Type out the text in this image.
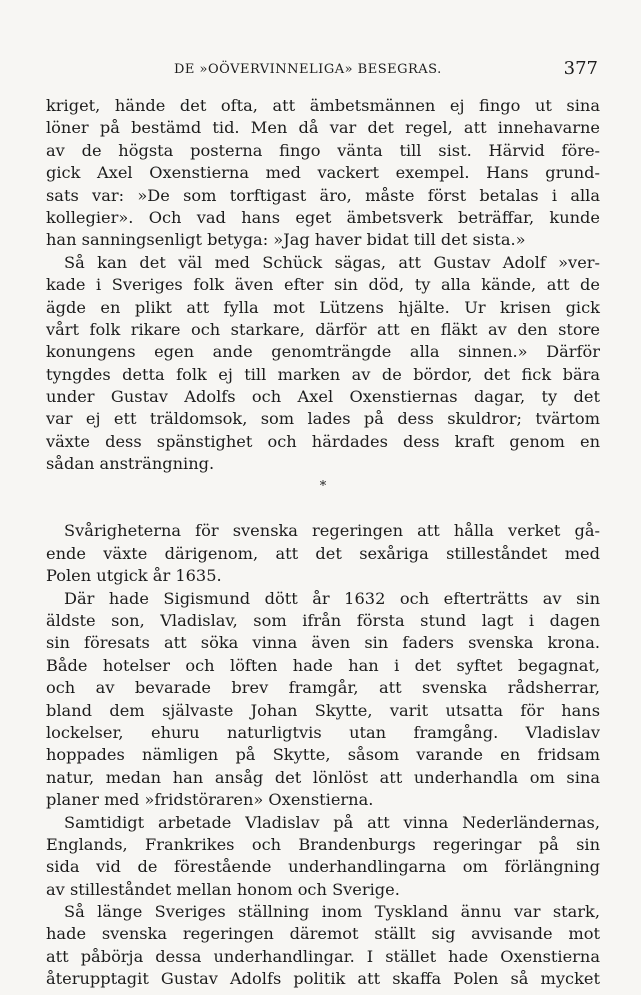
DE »OÖVERVINNELIGA» BESEGRAS.	377
kriget, hände det ofta, att ämbetsmännen ej fingo ut sina
löner på bestämd tid. Men då var det regel, att innehavarne
av de högsta posterna fingo vänta till sist. Härvid före-
gick Axel Oxenstierna med vackert exempel. Hans grund-
sats var: »De som torftigast äro, måste först betalas i alla
kollegier». Och vad hans eget ämbetsverk beträffar, kunde
han sanningsenligt betyga: »Jag haver bidat till det sista.»
Så kan det väl med Schück sägas, att Gustav Adolf »ver-
kade i Sveriges folk även efter sin död, ty alla kände, att de
ägde en plikt att fylla mot Lützens hjälte. Ur krisen gick
vårt folk rikare och starkare, därför att en fläkt av den store
konungens egen ande genomträngde alla sinnen.» Därför
tyngdes detta folk ej till marken av de bördor, det fick bära
under Gustav Adolfs och Axel Oxenstiernas dagar, ty det
var ej ett träldomsok, som lades på dess skuldror; tvärtom
växte dess spänstighet och härdades dess kraft genom en
sådan ansträngning.
*
Svårigheterna för svenska regeringen att hålla verket gå-
ende växte därigenom, att det sexåriga stilleståndet med
Polen utgick år 1635.
Där hade Sigismund dött år 1632 och efterträtts av sin
äldste son, Vladislav, som ifrån första stund lagt i dagen
sin föresats att söka vinna även sin faders svenska krona.
Både hotelser och löften hade han i det syftet begagnat,
och av bevarade brev framgår, att svenska rådsherrar,
bland dem självaste Johan Skytte, varit utsatta för hans
lockelser, ehuru naturligtvis utan framgång. Vladislav
hoppades nämligen på Skytte, såsom varande en fridsam
natur, medan han ansåg det lönlöst att underhandla om sina
planer med »fridstöraren» Oxenstierna.
Samtidigt arbetade Vladislav på att vinna Nederländernas,
Englands, Frankrikes och Brandenburgs regeringar på sin
sida vid de förestående underhandlingarna om förlängning
av stilleståndet mellan honom och Sverige.
Så länge Sveriges ställning inom Tyskland ännu var stark,
hade svenska regeringen däremot ställt sig avvisande mot
att påbörja dessa underhandlingar. I stället hade Oxenstierna
återupptagit Gustav Adolfs politik att skaffa Polen så mycket
